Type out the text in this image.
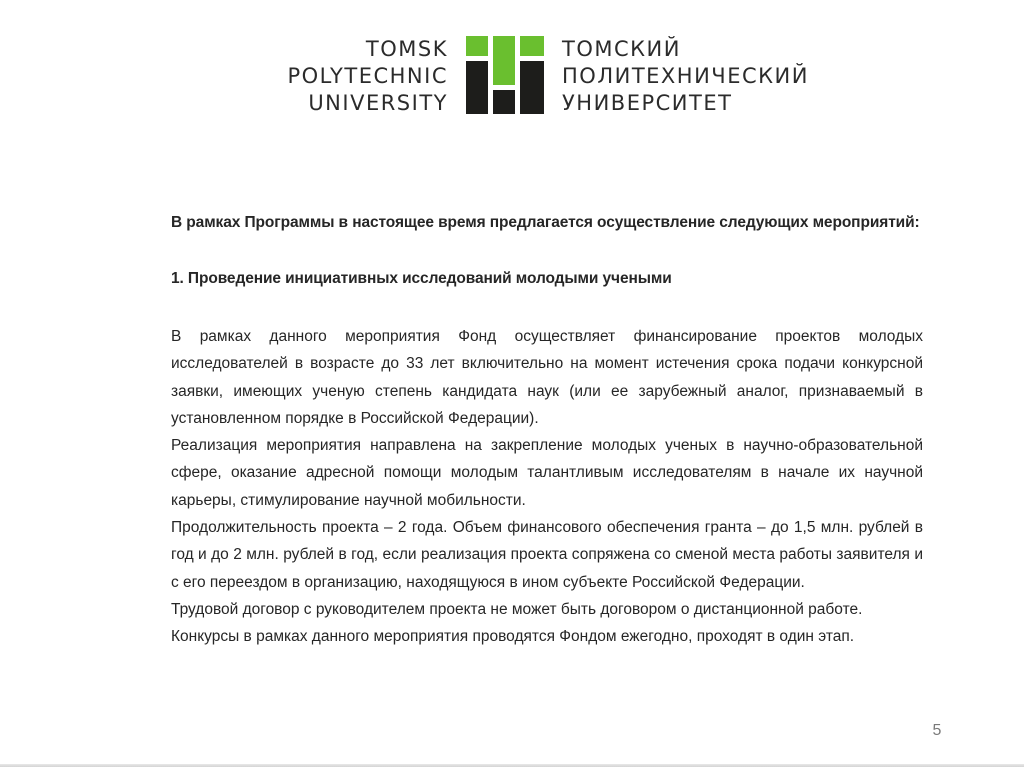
TOMSK
POLYTECHNIC
UNIVERSITY
ТОМСКИЙ
ПОЛИТЕХНИЧЕСКИЙ
УНИВЕРСИТЕТ

В рамках Программы в настоящее время предлагается осуществление следующих мероприятий:

1. Проведение инициативных исследований молодыми учеными

В рамках данного мероприятия Фонд осуществляет финансирование проектов молодых исследователей в возрасте до 33 лет включительно на момент истечения срока подачи конкурсной заявки, имеющих ученую степень кандидата наук (или ее зарубежный аналог, признаваемый в установленном порядке в Российской Федерации).

Реализация мероприятия направлена на закрепление молодых ученых в научно-образовательной сфере, оказание адресной помощи молодым талантливым исследователям в начале их научной карьеры, стимулирование научной мобильности.

Продолжительность проекта – 2 года. Объем финансового обеспечения гранта – до 1,5 млн. рублей в год и до 2 млн. рублей в год, если реализация проекта сопряжена со сменой места работы заявителя и с его переездом в организацию, находящуюся в ином субъекте Российской Федерации.

Трудовой договор с руководителем проекта не может быть договором о дистанционной работе.

Конкурсы в рамках данного мероприятия проводятся Фондом ежегодно, проходят в один этап.

5
